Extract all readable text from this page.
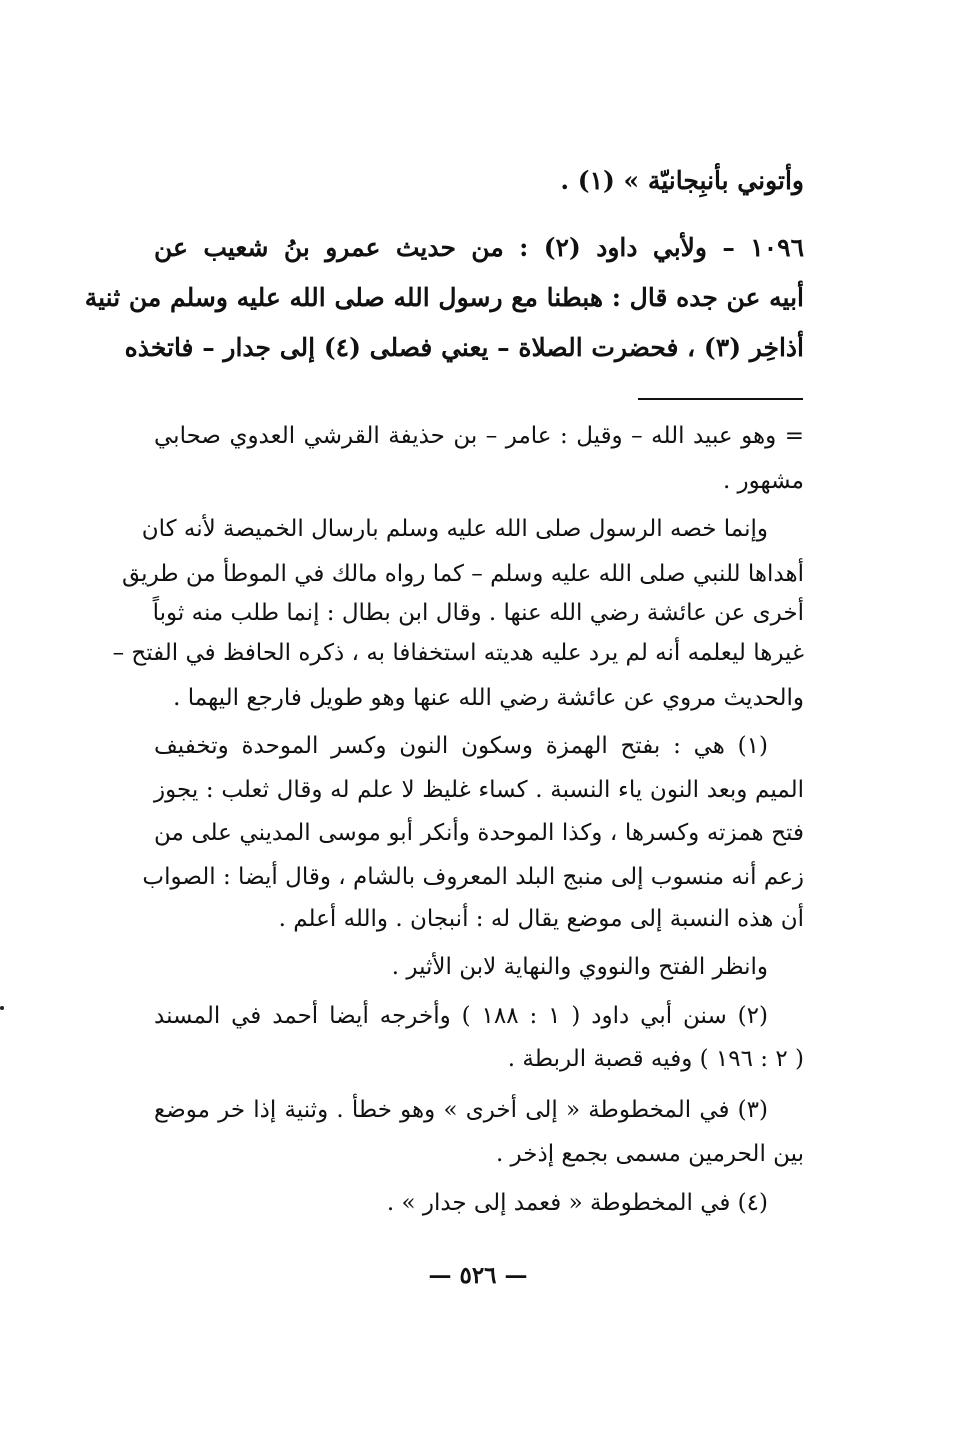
وأتوني بأنبِجانيّة » (١) .
١٠٩٦ – ولأبي داود (٢) : من حديث عمرو بنُ شعيب عن
أبيه عن جده قال : هبطنا مع رسول الله صلى الله عليه وسلم من ثنية
أذاخِر (٣) ، فحضرت الصلاة – يعني فصلى (٤) إلى جدار – فاتخذه
= وهو عبيد الله – وقيل : عامر – بن حذيفة القرشي العدوي صحابي
مشهور .
وإنما خصه الرسول صلى الله عليه وسلم بارسال الخميصة لأنه كان
أهداها للنبي صلى الله عليه وسلم – كما رواه مالك في الموطأ من طريق
أخرى عن عائشة رضي الله عنها . وقال ابن بطال : إنما طلب منه ثوباً
غيرها ليعلمه أنه لم يرد عليه هديته استخفافا به ، ذكره الحافظ في الفتح –
والحديث مروي عن عائشة رضي الله عنها وهو طويل فارجع اليهما .
(١) هي : بفتح الهمزة وسكون النون وكسر الموحدة وتخفيف
الميم وبعد النون ياء النسبة . كساء غليظ لا علم له وقال ثعلب : يجوز
فتح همزته وكسرها ، وكذا الموحدة وأنكر أبو موسى المديني على من
زعم أنه منسوب إلى منبج البلد المعروف بالشام ، وقال أيضا : الصواب
أن هذه النسبة إلى موضع يقال له : أنبجان . والله أعلم .
وانظر الفتح والنووي والنهاية لابن الأثير .
(٢) سنن أبي داود ( ١ : ١٨٨ ) وأخرجه أيضا أحمد في المسند
( ٢ : ١٩٦ ) وفيه قصبة الربطة .
(٣) في المخطوطة « إلى أخرى » وهو خطأ . وثنية إذا خر موضع
بين الحرمين مسمى بجمع إذخر .
(٤) في المخطوطة « فعمد إلى جدار » .
— ٥٢٦ —
